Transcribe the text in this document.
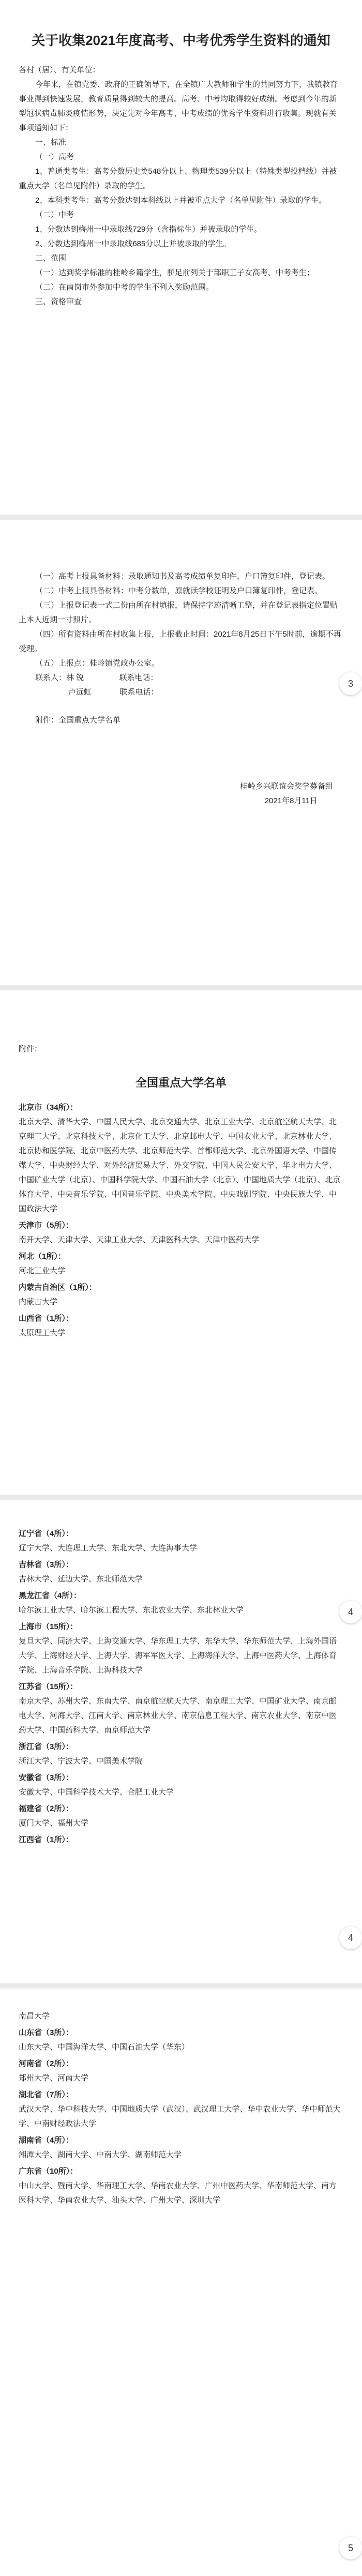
关于收集2021年度高考、中考优秀学生资料的通知

各村（居）、有关单位：

今年来，在镇党委、政府的正确领导下，在全镇广大教师和学生的共同努力下，我镇教育事业得到快速发展，教育质量得到较大的提高。高考、中考均取得较好成绩。考虑到今年的新型冠状病毒肺炎疫情形势，决定先对今年高考、中考成绩的优秀学生资料进行收集。现就有关事项通知如下：

一、标准

（一）高考

1、普通类考生：高考分数历史类548分以上、物理类539分以上（特殊类型投档线）并被重点大学（名单见附件）录取的学生。

2、本科类考生：高考分数达到本科线以上并被重点大学（名单见附件）录取的学生。

（二）中考

1、分数达到梅州一中录取线729分（含指标生）并被录取的学生。

2、分数达到梅州一中录取线685分以上并被录取的学生。

二、范围

（一）达到奖学标准的桂岭乡籍学生，骄足前列关于部职工子女高考、中考考生；

（二）在南岗市外参加中考的学生不列入奖励范围。

三、资格审查

（一）高考上报具备材料：录取通知书及高考成绩单复印件，户口簿复印件，登记表。

（二）中考上报具备材料：中考分数单，原就读学校证明及户口簿复印件，登记表。

（三）上报登记表一式二份由所在村填报，请保持字迹清晰工整，并在登记表指定位置贴上本人近期一寸照片。

（四）所有资料由所在村收集上报，上报截止时间：2021年8月25日下午5时前，逾期不再受理。

（五）上报点：桂岭镇党政办公室。

联系人：林 锐	联系电话：

卢远虹	联系电话：

附件：全国重点大学名单

桂岭乡兴联谊会奖学募备组

2021年8月11日

附件：

全国重点大学名单

北京市（34所）：

北京大学、清华大学、中国人民大学、北京交通大学、北京工业大学、北京航空航天大学、北京理工大学、北京科技大学、北京化工大学、北京邮电大学、中国农业大学、北京林业大学、北京协和医学院、北京中医药大学、北京师范大学、首都师范大学、北京外国语大学、中国传媒大学、中央财经大学、对外经济贸易大学、外交学院、中国人民公安大学、华北电力大学、中国矿业大学（北京）、中国科学院大学、中国石油大学（北京）、中国地质大学（北京）、北京体育大学、中央音乐学院、中国音乐学院、中央美术学院、中央戏剧学院、中央民族大学、中国政法大学

天津市（5所）：

南开大学、天津大学、天津工业大学、天津医科大学、天津中医药大学

河北（1所）：

河北工业大学

内蒙古自治区（1所）：

内蒙古大学

山西省（1所）：

太原理工大学

辽宁省（4所）：

辽宁大学、大连理工大学、东北大学、大连海事大学

吉林省（3所）：

吉林大学、延边大学、东北师范大学

黑龙江省（4所）：

哈尔滨工业大学、哈尔滨工程大学、东北农业大学、东北林业大学

上海市（15所）：

复旦大学、同济大学、上海交通大学、华东理工大学、东华大学、华东师范大学、上海外国语大学、上海财经大学、上海大学、海军军医大学、上海海洋大学、上海中医药大学、上海体育学院、上海音乐学院、上海科技大学

江苏省（15所）：

南京大学、苏州大学、东南大学、南京航空航天大学、南京理工大学、中国矿业大学、南京邮电大学、河海大学、江南大学、南京林业大学、南京信息工程大学、南京农业大学、南京中医药大学、中国药科大学、南京师范大学

浙江省（3所）：

浙江大学、宁波大学、中国美术学院

安徽省（3所）：

安徽大学、中国科学技术大学、合肥工业大学

福建省（2所）：

厦门大学、福州大学

江西省（1所）：

南昌大学

山东省（3所）：

山东大学、中国海洋大学、中国石油大学（华东）

河南省（2所）：

郑州大学、河南大学

湖北省（7所）：

武汉大学、华中科技大学、中国地质大学（武汉）、武汉理工大学、华中农业大学、华中师范大学、中南财经政法大学

湖南省（4所）：

湘潭大学、湖南大学、中南大学、湖南师范大学

广东省（10所）：

中山大学、暨南大学、华南理工大学、华南农业大学、广州中医药大学、华南师范大学、南方医科大学、华南农业大学、汕头大学、广州大学、深圳大学

3
4
4
5
